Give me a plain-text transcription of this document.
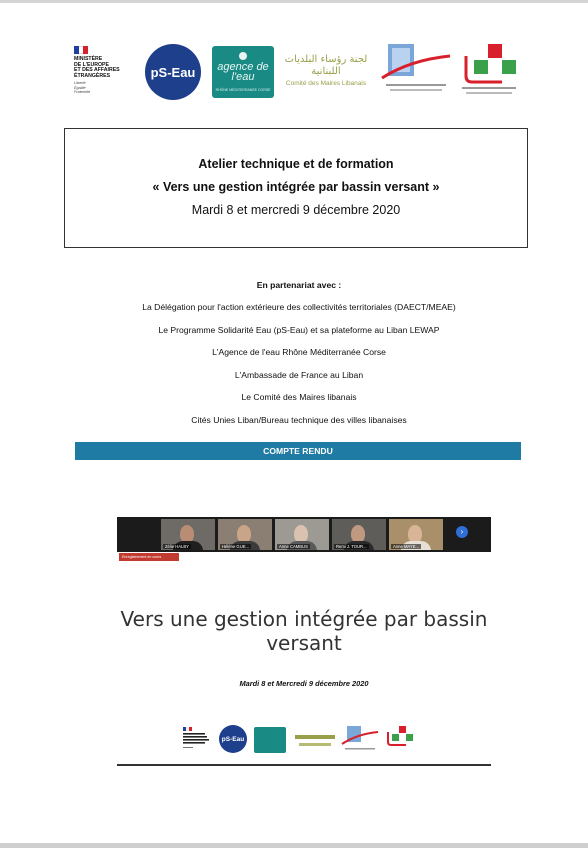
MINISTÈRE
DE L'EUROPE
ET DES AFFAIRES
ÉTRANGÈRES
Liberté
Égalité
Fraternité
pS-Eau	agence de l'eau
RHÔNE MÉDITERRANÉE CORSE
لجنة رؤساء البلديات اللبنانية
Comité des Maires Libanais
Atelier technique et de formation
« Vers une gestion intégrée par bassin versant »
Mardi 8 et mercredi 9 décembre 2020
En partenariat avec :
La Délégation pour l'action extérieure des collectivités territoriales (DAECT/MEAE)
Le Programme Solidarité Eau (pS-Eau) et sa plateforme au Liban LEWAP
L'Agence de l'eau Rhône Méditerranée Corse
L'Ambassade de France au Liban
Le Comité des Maires libanais
Cités Unies Liban/Bureau technique des villes libanaises
COMPTE RENDU
Zélie HALBY	Hélène GUE...	Anne CAMBUS	Remi J. TOUR...	Anne MAYE...
›
Enregistrement en cours
Vers une gestion intégrée par bassin versant
Mardi 8 et Mercredi 9 décembre 2020
pS-Eau
